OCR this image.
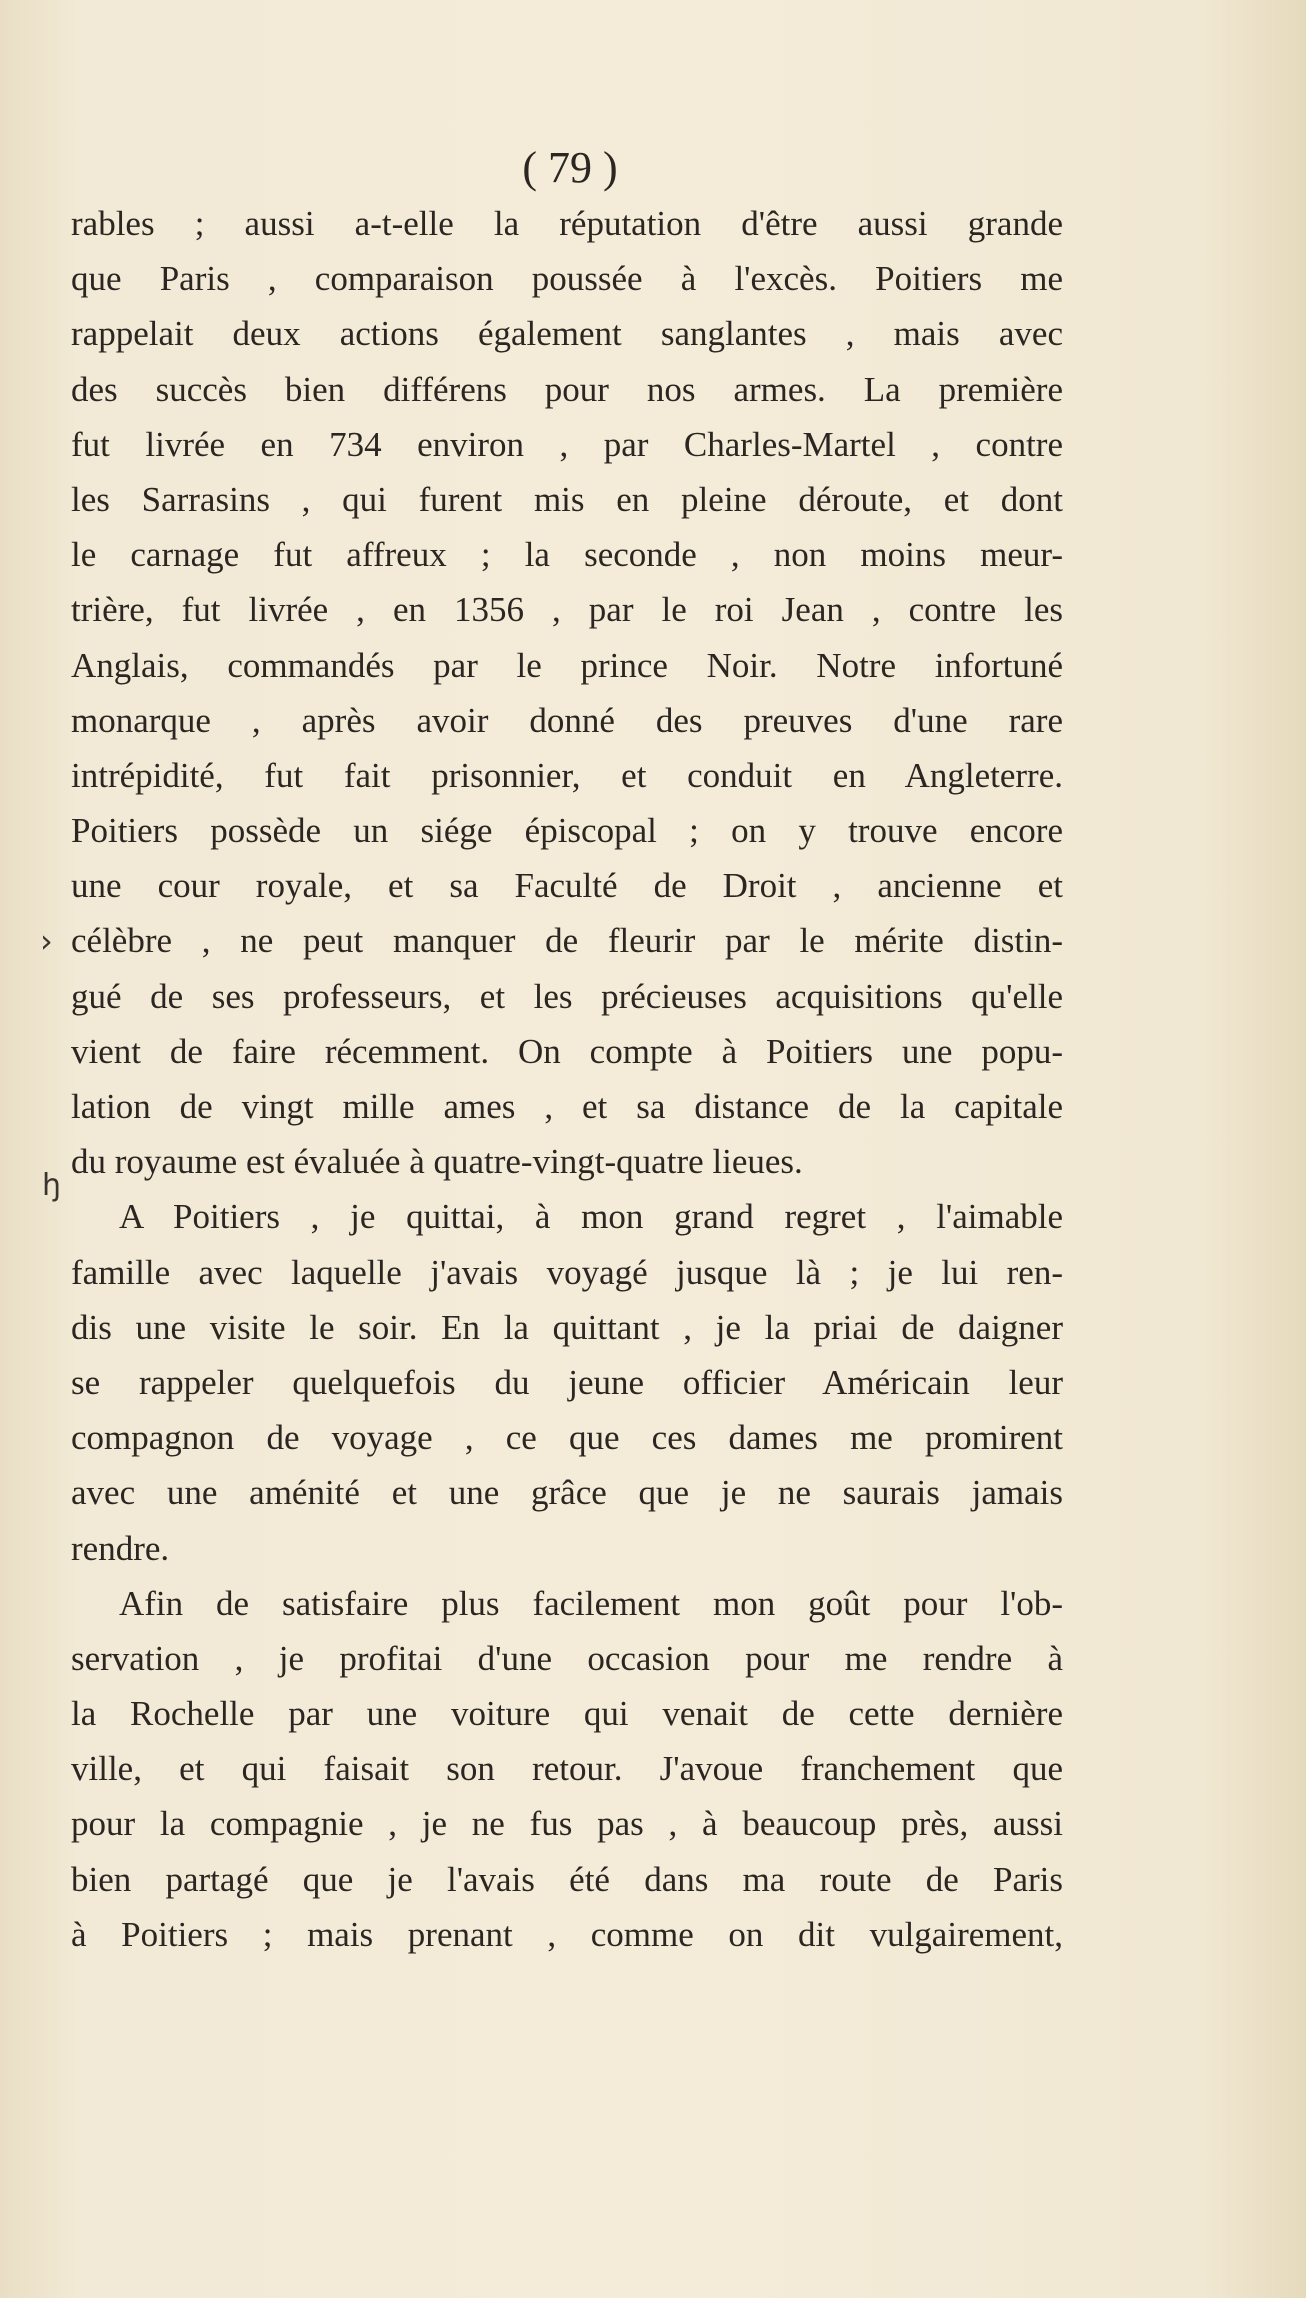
( 79 )
rables ; aussi a-t-elle la réputation d'être aussi grande
que Paris , comparaison poussée à l'excès. Poitiers me
rappelait deux actions également sanglantes , mais avec
des succès bien différens pour nos armes. La première
fut livrée en 734 environ , par Charles-Martel , contre
les Sarrasins , qui furent mis en pleine déroute, et dont
le carnage fut affreux ; la seconde , non moins meur-
trière, fut livrée , en 1356 , par le roi Jean , contre les
Anglais, commandés par le prince Noir. Notre infortuné
monarque , après avoir donné des preuves d'une rare
intrépidité, fut fait prisonnier, et conduit en Angleterre.
Poitiers possède un siége épiscopal ; on y trouve encore
une cour royale, et sa Faculté de Droit , ancienne et
célèbre , ne peut manquer de fleurir par le mérite distin-
gué de ses professeurs, et les précieuses acquisitions qu'elle
vient de faire récemment. On compte à Poitiers une popu-
lation de vingt mille ames , et sa distance de la capitale
du royaume est évaluée à quatre-vingt-quatre lieues.
A Poitiers , je quittai, à mon grand regret , l'aimable
famille avec laquelle j'avais voyagé jusque là ; je lui ren-
dis une visite le soir. En la quittant , je la priai de daigner
se rappeler quelquefois du jeune officier Américain leur
compagnon de voyage , ce que ces dames me promirent
avec une aménité et une grâce que je ne saurais jamais
rendre.
Afin de satisfaire plus facilement mon goût pour l'ob-
servation , je profitai d'une occasion pour me rendre à
la Rochelle par une voiture qui venait de cette dernière
ville, et qui faisait son retour. J'avoue franchement que
pour la compagnie , je ne fus pas , à beaucoup près, aussi
bien partagé que je l'avais été dans ma route de Paris
à Poitiers ; mais prenant , comme on dit vulgairement,
›
ꜧ
